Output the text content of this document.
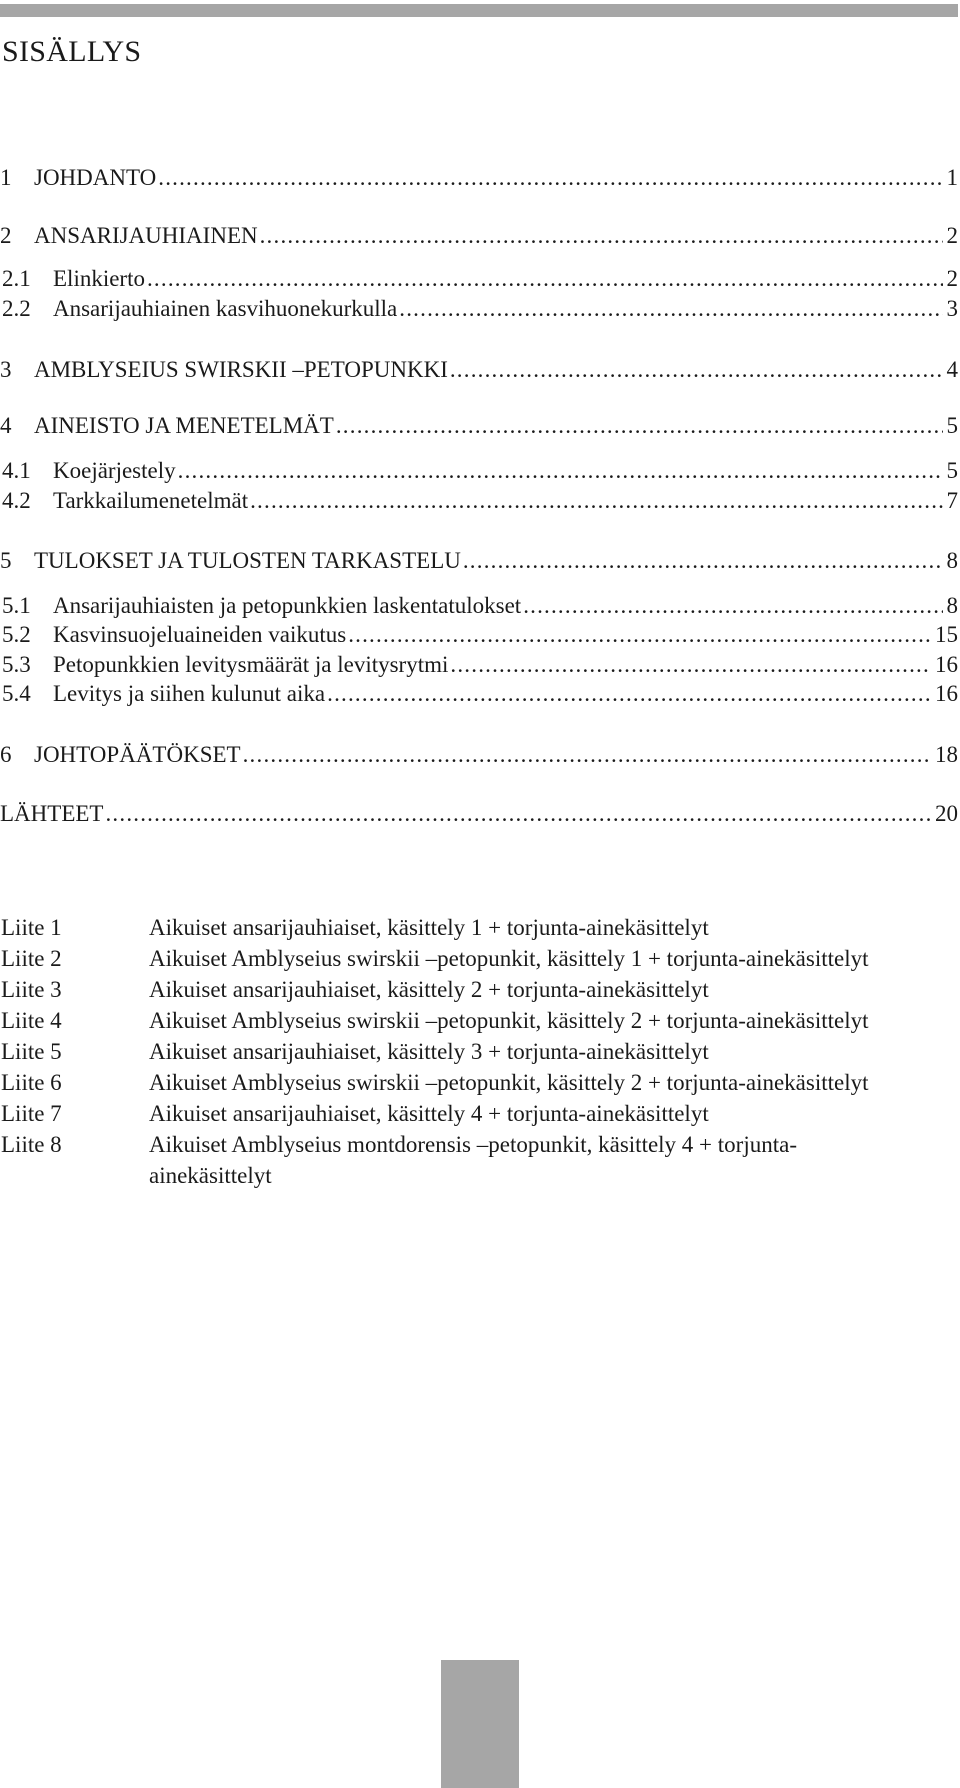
SISÄLLYS
1 JOHDANTO .....	1
2 ANSARIJAUHIAINEN .....	2
2.1 Elinkierto .....	2
2.2 Ansarijauhiainen kasvihuonekurkulla .....	3
3 AMBLYSEIUS SWIRSKII –PETOPUNKKI .....	4
4 AINEISTO JA MENETELMÄT .....	5
4.1 Koejärjestely .....	5
4.2 Tarkkailumenetelmät .....	7
5 TULOKSET JA TULOSTEN TARKASTELU .....	8
5.1 Ansarijauhiaisten ja petopunkkien laskentatulokset .....	8
5.2 Kasvinsuojeluaineiden vaikutus .....	15
5.3 Petopunkkien levitysmäärät ja levitysrytmi .....	16
5.4 Levitys ja siihen kulunut aika .....	16
6 JOHTOPÄÄTÖKSET .....	18
LÄHTEET .....	20
Liite 1	Aikuiset ansarijauhiaiset, käsittely 1 + torjunta-ainekäsittelyt
Liite 2	Aikuiset Amblyseius swirskii –petopunkit, käsittely 1 + torjunta-ainekäsittelyt
Liite 3	Aikuiset ansarijauhiaiset, käsittely 2 + torjunta-ainekäsittelyt
Liite 4	Aikuiset Amblyseius swirskii –petopunkit, käsittely 2 + torjunta-ainekäsittelyt
Liite 5	Aikuiset ansarijauhiaiset, käsittely 3 + torjunta-ainekäsittelyt
Liite 6	Aikuiset Amblyseius swirskii –petopunkit, käsittely 2 + torjunta-ainekäsittelyt
Liite 7	Aikuiset ansarijauhiaiset, käsittely 4 + torjunta-ainekäsittelyt
Liite 8	Aikuiset Amblyseius montdorensis –petopunkit, käsittely 4 + torjunta-ainekäsittelyt
